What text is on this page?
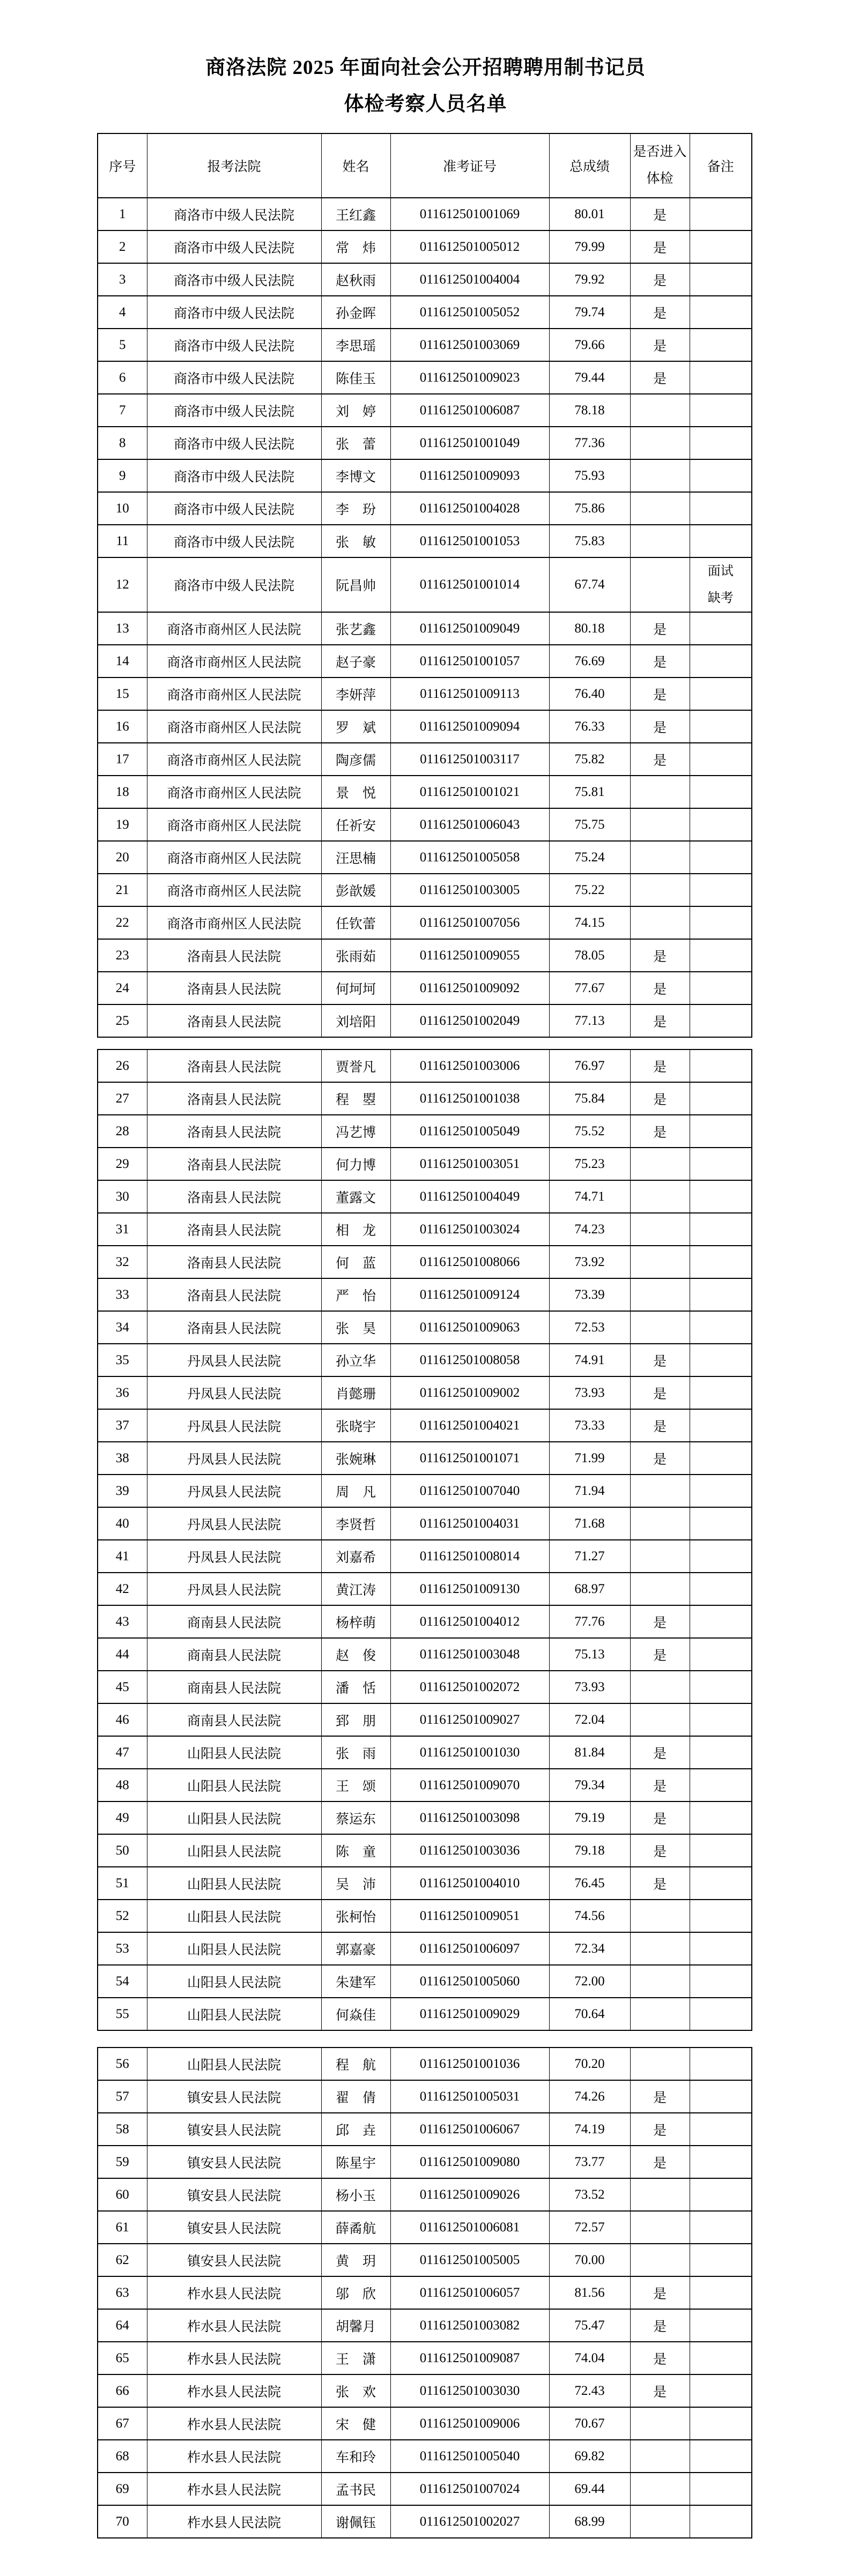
商洛法院 2025 年面向社会公开招聘聘用制书记员
体检考察人员名单
序号	报考法院	姓名	准考证号	总成绩	是否进入体检	备注
1	商洛市中级人民法院	王红鑫	011612501001069	80.01	是	
2	商洛市中级人民法院	常　炜	011612501005012	79.99	是	
3	商洛市中级人民法院	赵秋雨	011612501004004	79.92	是	
4	商洛市中级人民法院	孙金晖	011612501005052	79.74	是	
5	商洛市中级人民法院	李思瑶	011612501003069	79.66	是	
6	商洛市中级人民法院	陈佳玉	011612501009023	79.44	是	
7	商洛市中级人民法院	刘　婷	011612501006087	78.18		
8	商洛市中级人民法院	张　蕾	011612501001049	77.36		
9	商洛市中级人民法院	李博文	011612501009093	75.93		
10	商洛市中级人民法院	李　玢	011612501004028	75.86		
11	商洛市中级人民法院	张　敏	011612501001053	75.83		
12	商洛市中级人民法院	阮昌帅	011612501001014	67.74		面试缺考
13	商洛市商州区人民法院	张艺鑫	011612501009049	80.18	是	
14	商洛市商州区人民法院	赵子豪	011612501001057	76.69	是	
15	商洛市商州区人民法院	李妍萍	011612501009113	76.40	是	
16	商洛市商州区人民法院	罗　斌	011612501009094	76.33	是	
17	商洛市商州区人民法院	陶彦儒	011612501003117	75.82	是	
18	商洛市商州区人民法院	景　悦	011612501001021	75.81		
19	商洛市商州区人民法院	任祈安	011612501006043	75.75		
20	商洛市商州区人民法院	汪思楠	011612501005058	75.24		
21	商洛市商州区人民法院	彭歆媛	011612501003005	75.22		
22	商洛市商州区人民法院	任钦蕾	011612501007056	74.15		
23	洛南县人民法院	张雨茹	011612501009055	78.05	是	
24	洛南县人民法院	何坷坷	011612501009092	77.67	是	
25	洛南县人民法院	刘培阳	011612501002049	77.13	是	
26	洛南县人民法院	贾誉凡	011612501003006	76.97	是	
27	洛南县人民法院	程　曌	011612501001038	75.84	是	
28	洛南县人民法院	冯艺博	011612501005049	75.52	是	
29	洛南县人民法院	何力博	011612501003051	75.23		
30	洛南县人民法院	董露文	011612501004049	74.71		
31	洛南县人民法院	相　龙	011612501003024	74.23		
32	洛南县人民法院	何　蓝	011612501008066	73.92		
33	洛南县人民法院	严　怡	011612501009124	73.39		
34	洛南县人民法院	张　昊	011612501009063	72.53		
35	丹凤县人民法院	孙立华	011612501008058	74.91	是	
36	丹凤县人民法院	肖懿珊	011612501009002	73.93	是	
37	丹凤县人民法院	张晓宇	011612501004021	73.33	是	
38	丹凤县人民法院	张婉琳	011612501001071	71.99	是	
39	丹凤县人民法院	周　凡	011612501007040	71.94		
40	丹凤县人民法院	李贤哲	011612501004031	71.68		
41	丹凤县人民法院	刘嘉希	011612501008014	71.27		
42	丹凤县人民法院	黄江涛	011612501009130	68.97		
43	商南县人民法院	杨梓萌	011612501004012	77.76	是	
44	商南县人民法院	赵　俊	011612501003048	75.13	是	
45	商南县人民法院	潘　恬	011612501002072	73.93		
46	商南县人民法院	郅　朋	011612501009027	72.04		
47	山阳县人民法院	张　雨	011612501001030	81.84	是	
48	山阳县人民法院	王　颂	011612501009070	79.34	是	
49	山阳县人民法院	蔡运东	011612501003098	79.19	是	
50	山阳县人民法院	陈　童	011612501003036	79.18	是	
51	山阳县人民法院	吴　沛	011612501004010	76.45	是	
52	山阳县人民法院	张柯怡	011612501009051	74.56		
53	山阳县人民法院	郭嘉豪	011612501006097	72.34		
54	山阳县人民法院	朱建军	011612501005060	72.00		
55	山阳县人民法院	何焱佳	011612501009029	70.64		
56	山阳县人民法院	程　航	011612501001036	70.20		
57	镇安县人民法院	翟　倩	011612501005031	74.26	是	
58	镇安县人民法院	邱　垚	011612501006067	74.19	是	
59	镇安县人民法院	陈星宇	011612501009080	73.77	是	
60	镇安县人民法院	杨小玉	011612501009026	73.52		
61	镇安县人民法院	薛矞航	011612501006081	72.57		
62	镇安县人民法院	黄　玥	011612501005005	70.00		
63	柞水县人民法院	邬　欣	011612501006057	81.56	是	
64	柞水县人民法院	胡馨月	011612501003082	75.47	是	
65	柞水县人民法院	王　潇	011612501009087	74.04	是	
66	柞水县人民法院	张　欢	011612501003030	72.43	是	
67	柞水县人民法院	宋　健	011612501009006	70.67		
68	柞水县人民法院	车和玲	011612501005040	69.82		
69	柞水县人民法院	孟书民	011612501007024	69.44		
70	柞水县人民法院	谢佩钰	011612501002027	68.99		
